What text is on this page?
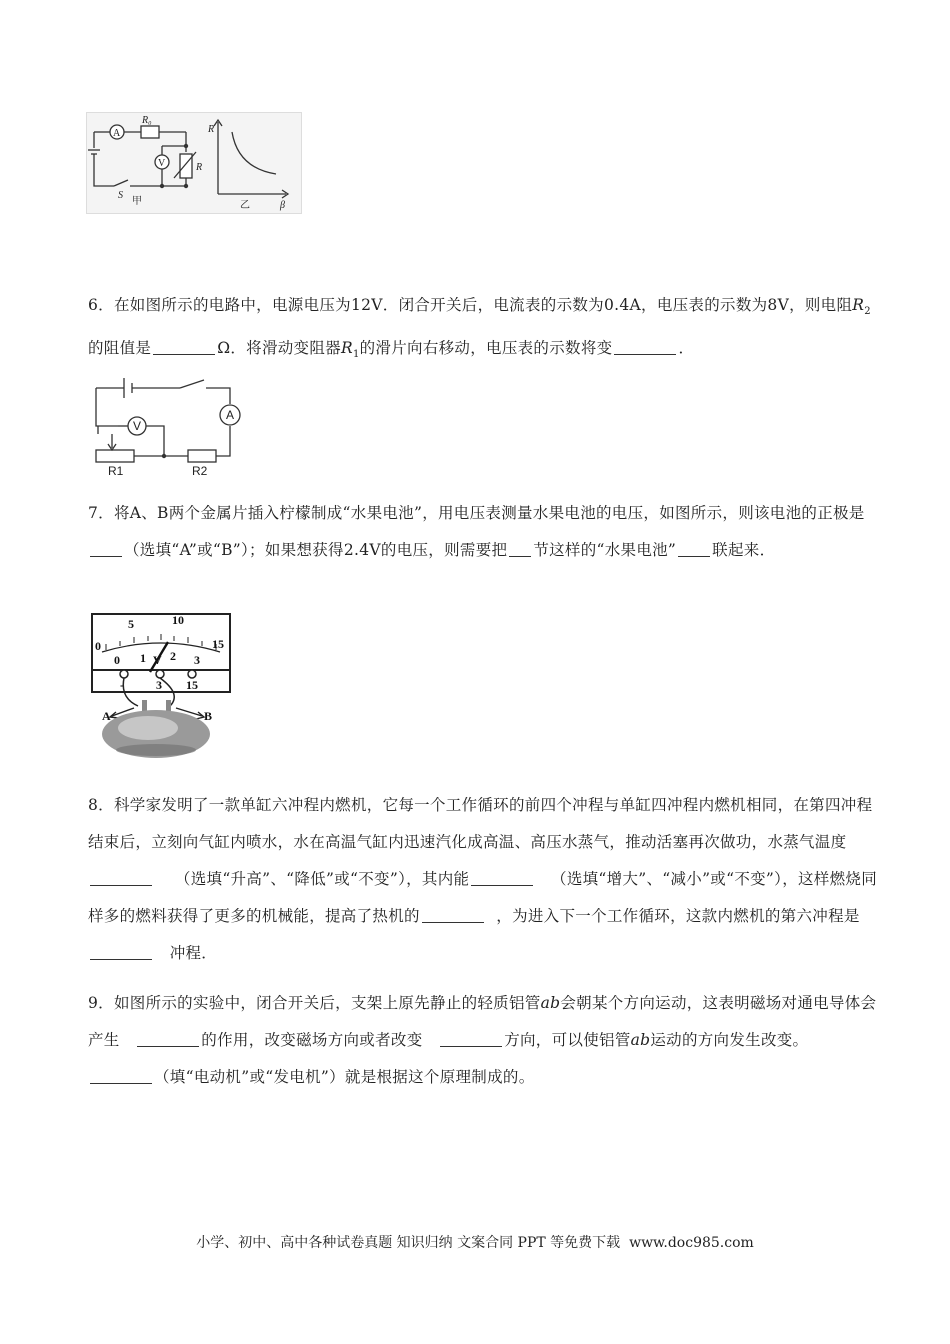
A
V
R₀
R
S
甲
R
β
乙
6．在如图所示的电路中，电源电压为12V．闭合开关后，电流表的示数为0.4A，电压表的示数为8V，则电阻$R_2$的阻值是	Ω．将滑动变阻器$R_1$的滑片向右移动，电压表的示数将变	．
V
A
R1	R2
7．将A、B两个金属片插入柠檬制成“水果电池”，用电压表测量水果电池的电压，如图所示，则该电池的正极是（选填“A”或“B”）；如果想获得2.4V的电压，则需要把 节这样的“水果电池” 联起来．
0
5	10
15
0 1 2 3
V
-	3 15
A	B
8．科学家发明了一款单缸六冲程内燃机，它每一个工作循环的前四个冲程与单缸四冲程内燃机相同，在第四冲程结束后，立刻向气缸内喷水，水在高温气缸内迅速汽化成高温、高压水蒸气，推动活塞再次做功，水蒸气温度    （选填“升高”、“降低”或“不变”），其内能	（选填“增大”、“减小”或“不变”），这样燃烧同样多的燃料获得了更多的机械能，提高了热机的	，为进入下一个工作循环，这款内燃机的第六冲程是   冲程．
9．如图所示的实验中，闭合开关后，支架上原先静止的轻质铝管ab会朝某个方向运动，这表明磁场对通电导体会产生	的作用，改变磁场方向或者改变	方向，可以使铝管ab运动的方向发生改变。   （填“电动机”或“发电机”）就是根据这个原理制成的。
小学、初中、高中各种试卷真题 知识归纳 文案合同 PPT 等免费下载 www.doc985.com
